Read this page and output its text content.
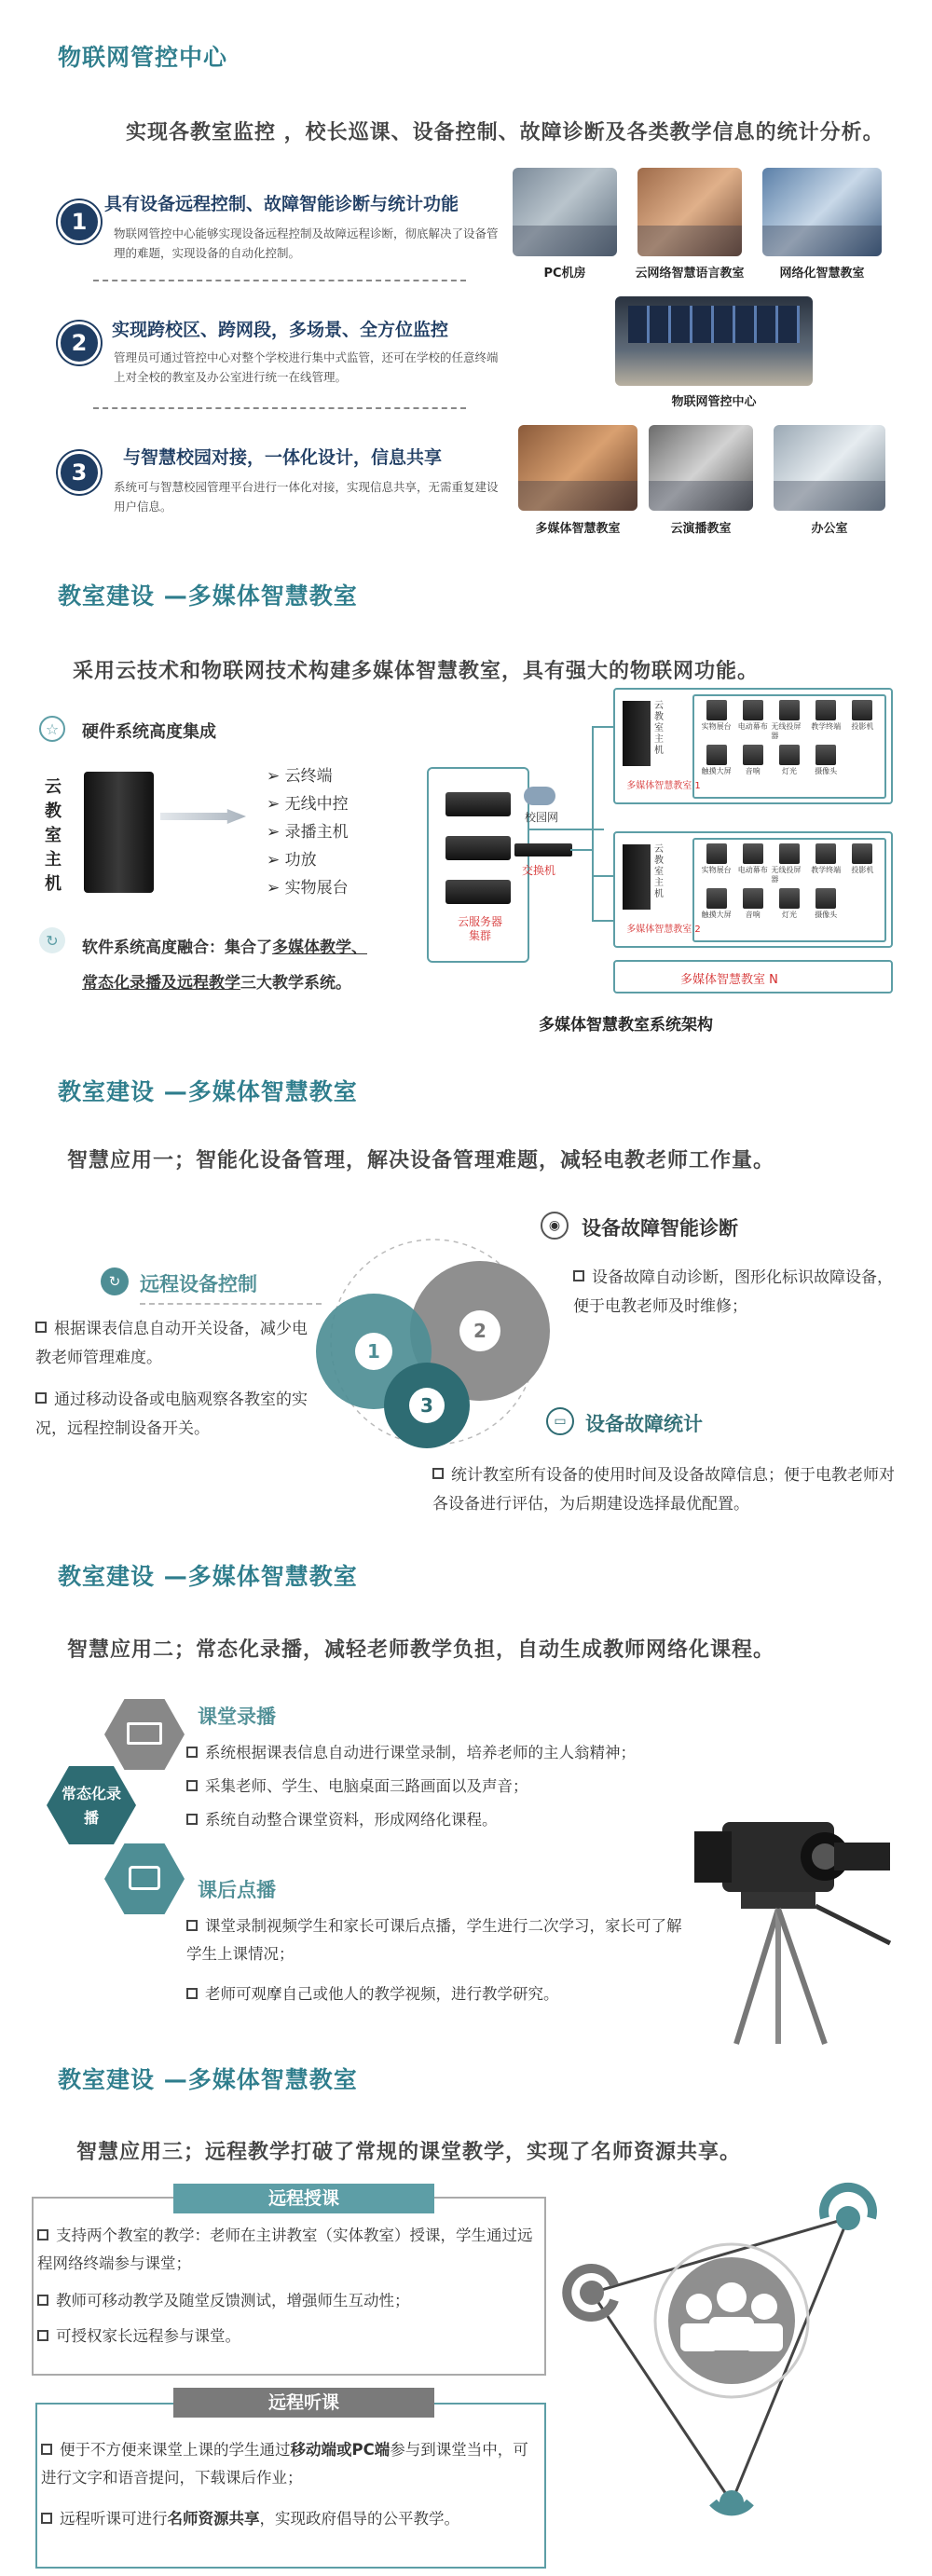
物联网管控中心
实现各教室监控 ，校长巡课、设备控制、故障诊断及各类教学信息的统计分析。
1
具有设备远程控制、故障智能诊断与统计功能
物联网管控中心能够实现设备远程控制及故障远程诊断，彻底解决了设备管理的难题，实现设备的自动化控制。
2	实现跨校区、跨网段，多场景、全方位监控
管理员可通过管控中心对整个学校进行集中式监管，还可在学校的任意终端上对全校的教室及办公室进行统一在线管理。
3
与智慧校园对接，一体化设计，信息共享
系统可与智慧校园管理平台进行一体化对接，实现信息共享，无需重复建设用户信息。
PC机房	云网络智慧语言教室	网络化智慧教室
物联网管控中心
多媒体智慧教室	云演播教室	办公室
教室建设 —多媒体智慧教室
采用云技术和物联网技术构建多媒体智慧教室，具有强大的物联网功能。
☆	硬件系统高度集成
云教室主机
➢ 云终端
➢ 无线中控
➢ 录播主机
➢ 功放
➢ 实物展台
↻	软件系统高度融合：集合了多媒体教学、
常态化录播及远程教学三大教学系统。
云服务器集群
校园网
交换机
云教室主机
多媒体智慧教室 1
实物展台 电动幕布 无线投屏器
教学终端 投影机
触摸大屏 音响	灯光 摄像头
云教室主机
多媒体智慧教室 2
实物展台 电动幕布 无线投屏器
教学终端 投影机
触摸大屏 音响	灯光 摄像头
多媒体智慧教室 N
多媒体智慧教室系统架构
教室建设 —多媒体智慧教室
智慧应用一；智能化设备管理，解决设备管理难题，减轻电教老师工作量。
1
2
3
↻ 远程设备控制
根据课表信息自动开关设备，减少电教老师管理难度。
通过移动设备或电脑观察各教室的实况，远程控制设备开关。
◉	设备故障智能诊断
设备故障自动诊断，图形化标识故障设备，便于电教老师及时维修；
▭ 设备故障统计
统计教室所有设备的使用时间及设备故障信息；便于电教老师对各设备进行评估，为后期建设选择最优配置。
教室建设 —多媒体智慧教室
智慧应用二；常态化录播，减轻老师教学负担，自动生成教师网络化课程。
常态化录播
课堂录播
系统根据课表信息自动进行课堂录制，培养老师的主人翁精神；
采集老师、学生、电脑桌面三路画面以及声音；
系统自动整合课堂资料，形成网络化课程。
课后点播
课堂录制视频学生和家长可课后点播，学生进行二次学习，家长可了解学生上课情况；
老师可观摩自己或他人的教学视频，进行教学研究。
教室建设 —多媒体智慧教室
智慧应用三；远程教学打破了常规的课堂教学，实现了名师资源共享。
远程授课
支持两个教室的教学：老师在主讲教室（实体教室）授课，学生通过远程网络终端参与课堂；
教师可移动教学及随堂反馈测试，增强师生互动性；
可授权家长远程参与课堂。
远程听课
便于不方便来课堂上课的学生通过移动端或PC端参与到课堂当中，可进行文字和语音提问，下载课后作业；
远程听课可进行名师资源共享，实现政府倡导的公平教学。
